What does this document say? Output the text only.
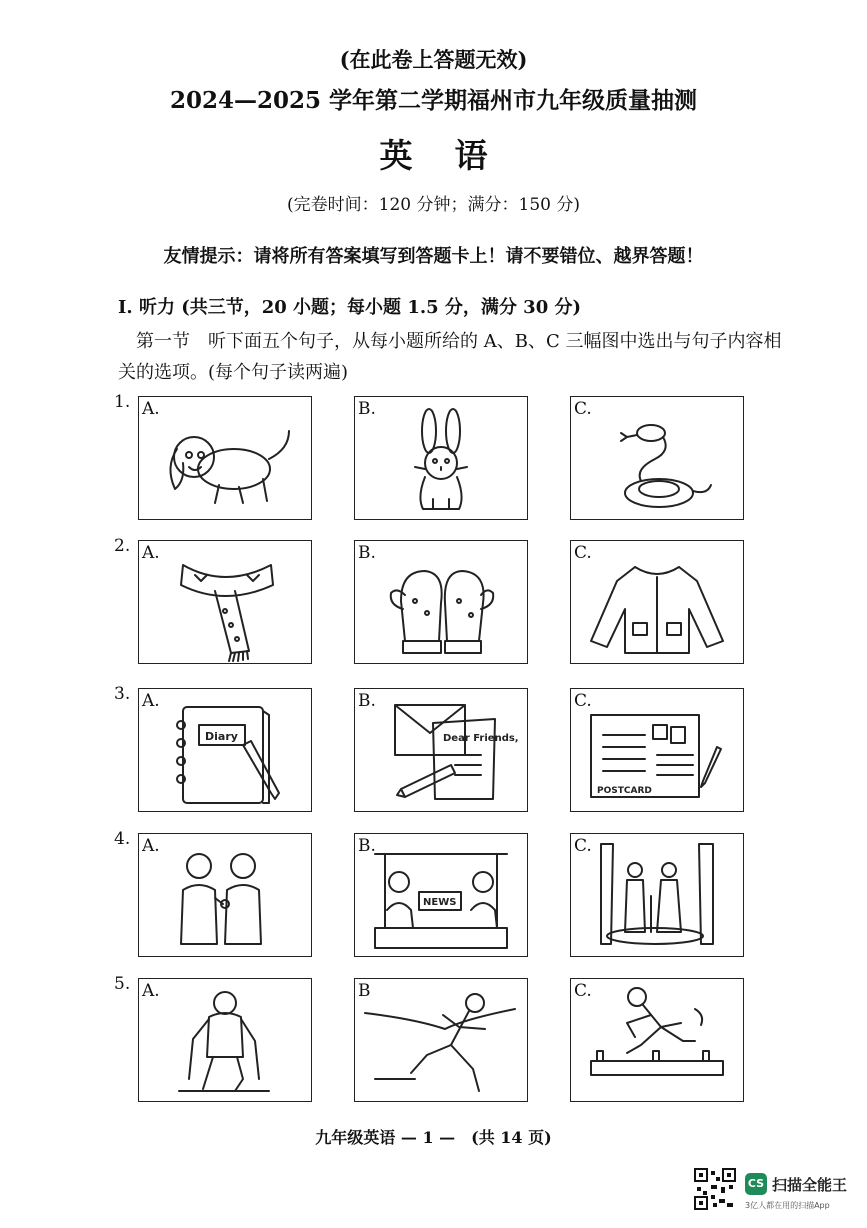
(在此卷上答题无效)
2024—2025 学年第二学期福州市九年级质量抽测
英语
(完卷时间：120 分钟；满分：150 分)
友情提示：请将所有答案填写到答题卡上！请不要错位、越界答题！
I. 听力 (共三节，20 小题；每小题 1.5 分，满分 30 分)
第一节　听下面五个句子，从每小题所给的 A、B、C 三幅图中选出与句子内容相关的选项。(每个句子读两遍)
1. A.	B.	C.
2. A.	B.	C.
3.
Diary
A.
Dear Friends,
B.
POSTCARD
C.
4. A.
NEWS
B.	C.
5. A.	B	C.
九年级英语 — 1 —　(共 14 页)
CS 扫描全能王
3亿人都在用的扫描App
